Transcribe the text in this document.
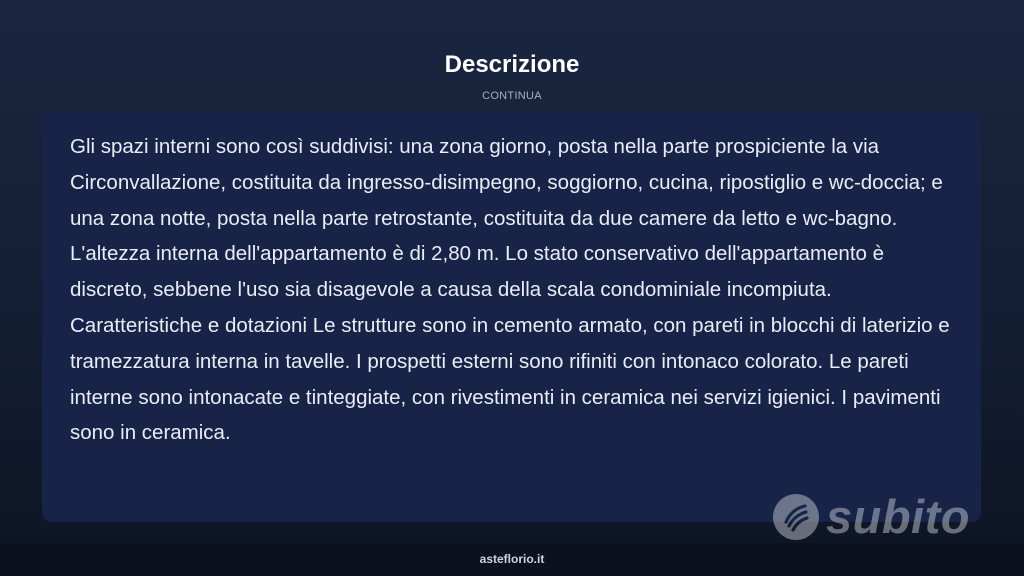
Descrizione
CONTINUA

Gli spazi interni sono così suddivisi: una zona giorno, posta nella parte prospiciente la via Circonvallazione, costituita da ingresso-disimpegno, soggiorno, cucina, ripostiglio e wc-doccia; e una zona notte, posta nella parte retrostante, costituita da due camere da letto e wc-bagno. L'altezza interna dell'appartamento è di 2,80 m. Lo stato conservativo dell'appartamento è discreto, sebbene l'uso sia disagevole a causa della scala condominiale incompiuta. Caratteristiche e dotazioni Le strutture sono in cemento armato, con pareti in blocchi di laterizio e tramezzatura interna in tavelle. I prospetti esterni sono rifiniti con intonaco colorato. Le pareti interne sono intonacate e tinteggiate, con rivestimenti in ceramica nei servizi igienici. I pavimenti sono in ceramica.

subito
asteflorio.it
